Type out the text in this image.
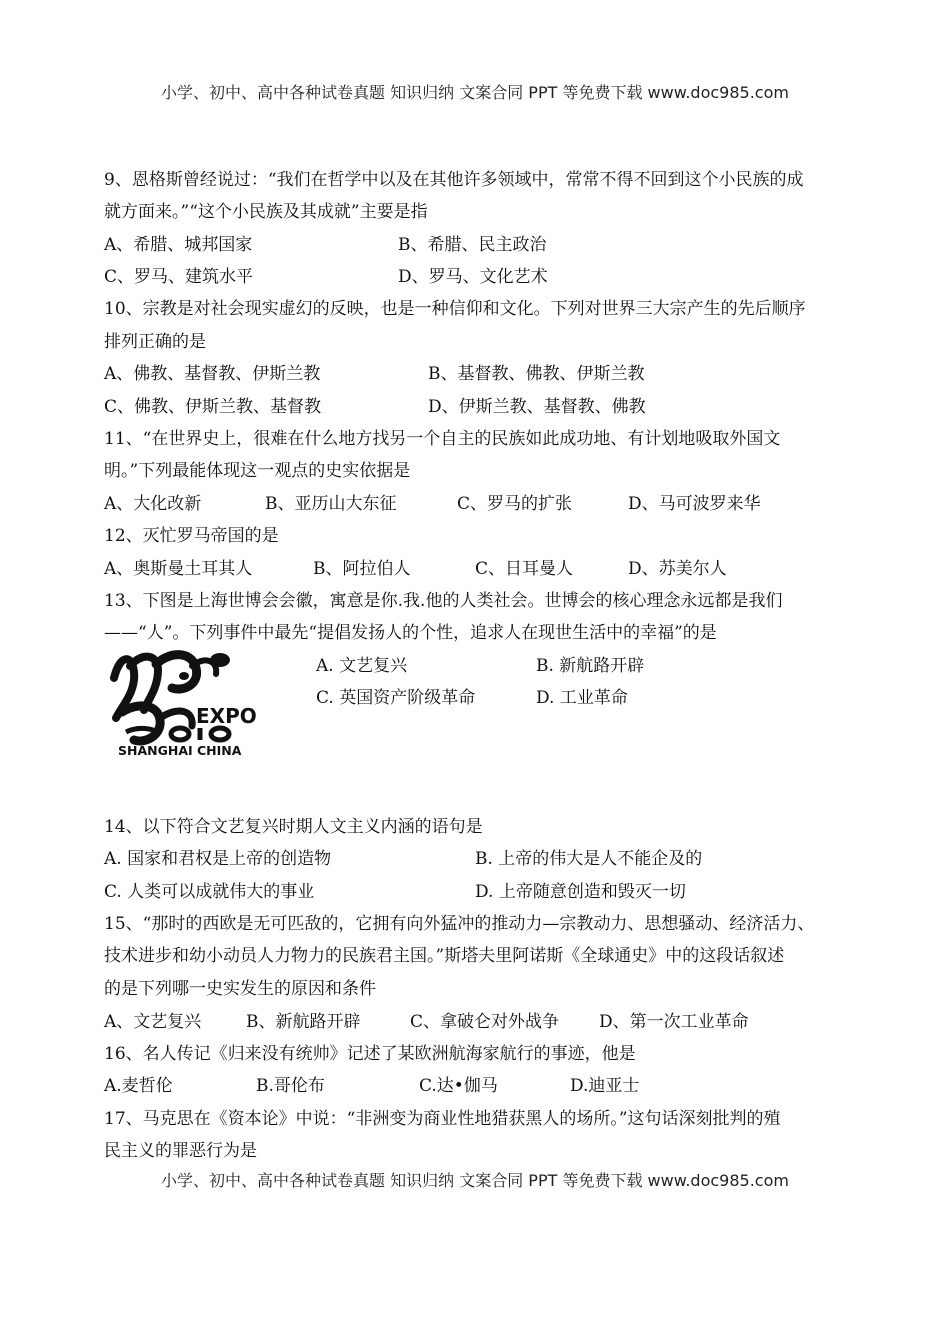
小学、初中、高中各种试卷真题 知识归纳 文案合同 PPT 等免费下载 www.doc985.com
9、恩格斯曾经说过：“我们在哲学中以及在其他许多领域中，常常不得不回到这个小民族的成
就方面来。”“这个小民族及其成就”主要是指
A、希腊、城邦国家	B、希腊、民主政治
C、罗马、建筑水平	D、罗马、文化艺术
10、宗教是对社会现实虚幻的反映，也是一种信仰和文化。下列对世界三大宗产生的先后顺序
排列正确的是
A、佛教、基督教、伊斯兰教	B、基督教、佛教、伊斯兰教
C、佛教、伊斯兰教、基督教	D、伊斯兰教、基督教、佛教
11、“在世界史上，很难在什么地方找另一个自主的民族如此成功地、有计划地吸取外国文
明。”下列最能体现这一观点的史实依据是
A、大化改新	B、亚历山大东征	C、罗马的扩张	D、马可波罗来华
12、灭忙罗马帝国的是
A、奥斯曼土耳其人	B、阿拉伯人	C、日耳曼人	D、苏美尔人
13、下图是上海世博会会徽，寓意是你.我.他的人类社会。世博会的核心理念永远都是我们
——“人”。下列事件中最先“提倡发扬人的个性，追求人在现世生活中的幸福”的是
A. 文艺复兴	B. 新航路开辟
C. 英国资产阶级革命	D. 工业革命
EXPO
SHANGHAI CHINA
14、以下符合文艺复兴时期人文主义内涵的语句是
A. 国家和君权是上帝的创造物	B. 上帝的伟大是人不能企及的
C. 人类可以成就伟大的事业	D. 上帝随意创造和毁灭一切
15、“那时的西欧是无可匹敌的，它拥有向外猛冲的推动力—宗教动力、思想骚动、经济活力、
技术进步和幼小动员人力物力的民族君主国。”斯塔夫里阿诺斯《全球通史》中的这段话叙述
的是下列哪一史实发生的原因和条件
A、文艺复兴	B、新航路开辟	C、拿破仑对外战争 D、第一次工业革命
16、名人传记《归来没有统帅》记述了某欧洲航海家航行的事迹，他是
A.麦哲伦	B.哥伦布	C.达•伽马	D.迪亚士
17、马克思在《资本论》中说：“非洲变为商业性地猎获黑人的场所。”这句话深刻批判的殖
民主义的罪恶行为是
小学、初中、高中各种试卷真题 知识归纳 文案合同 PPT 等免费下载 www.doc985.com
